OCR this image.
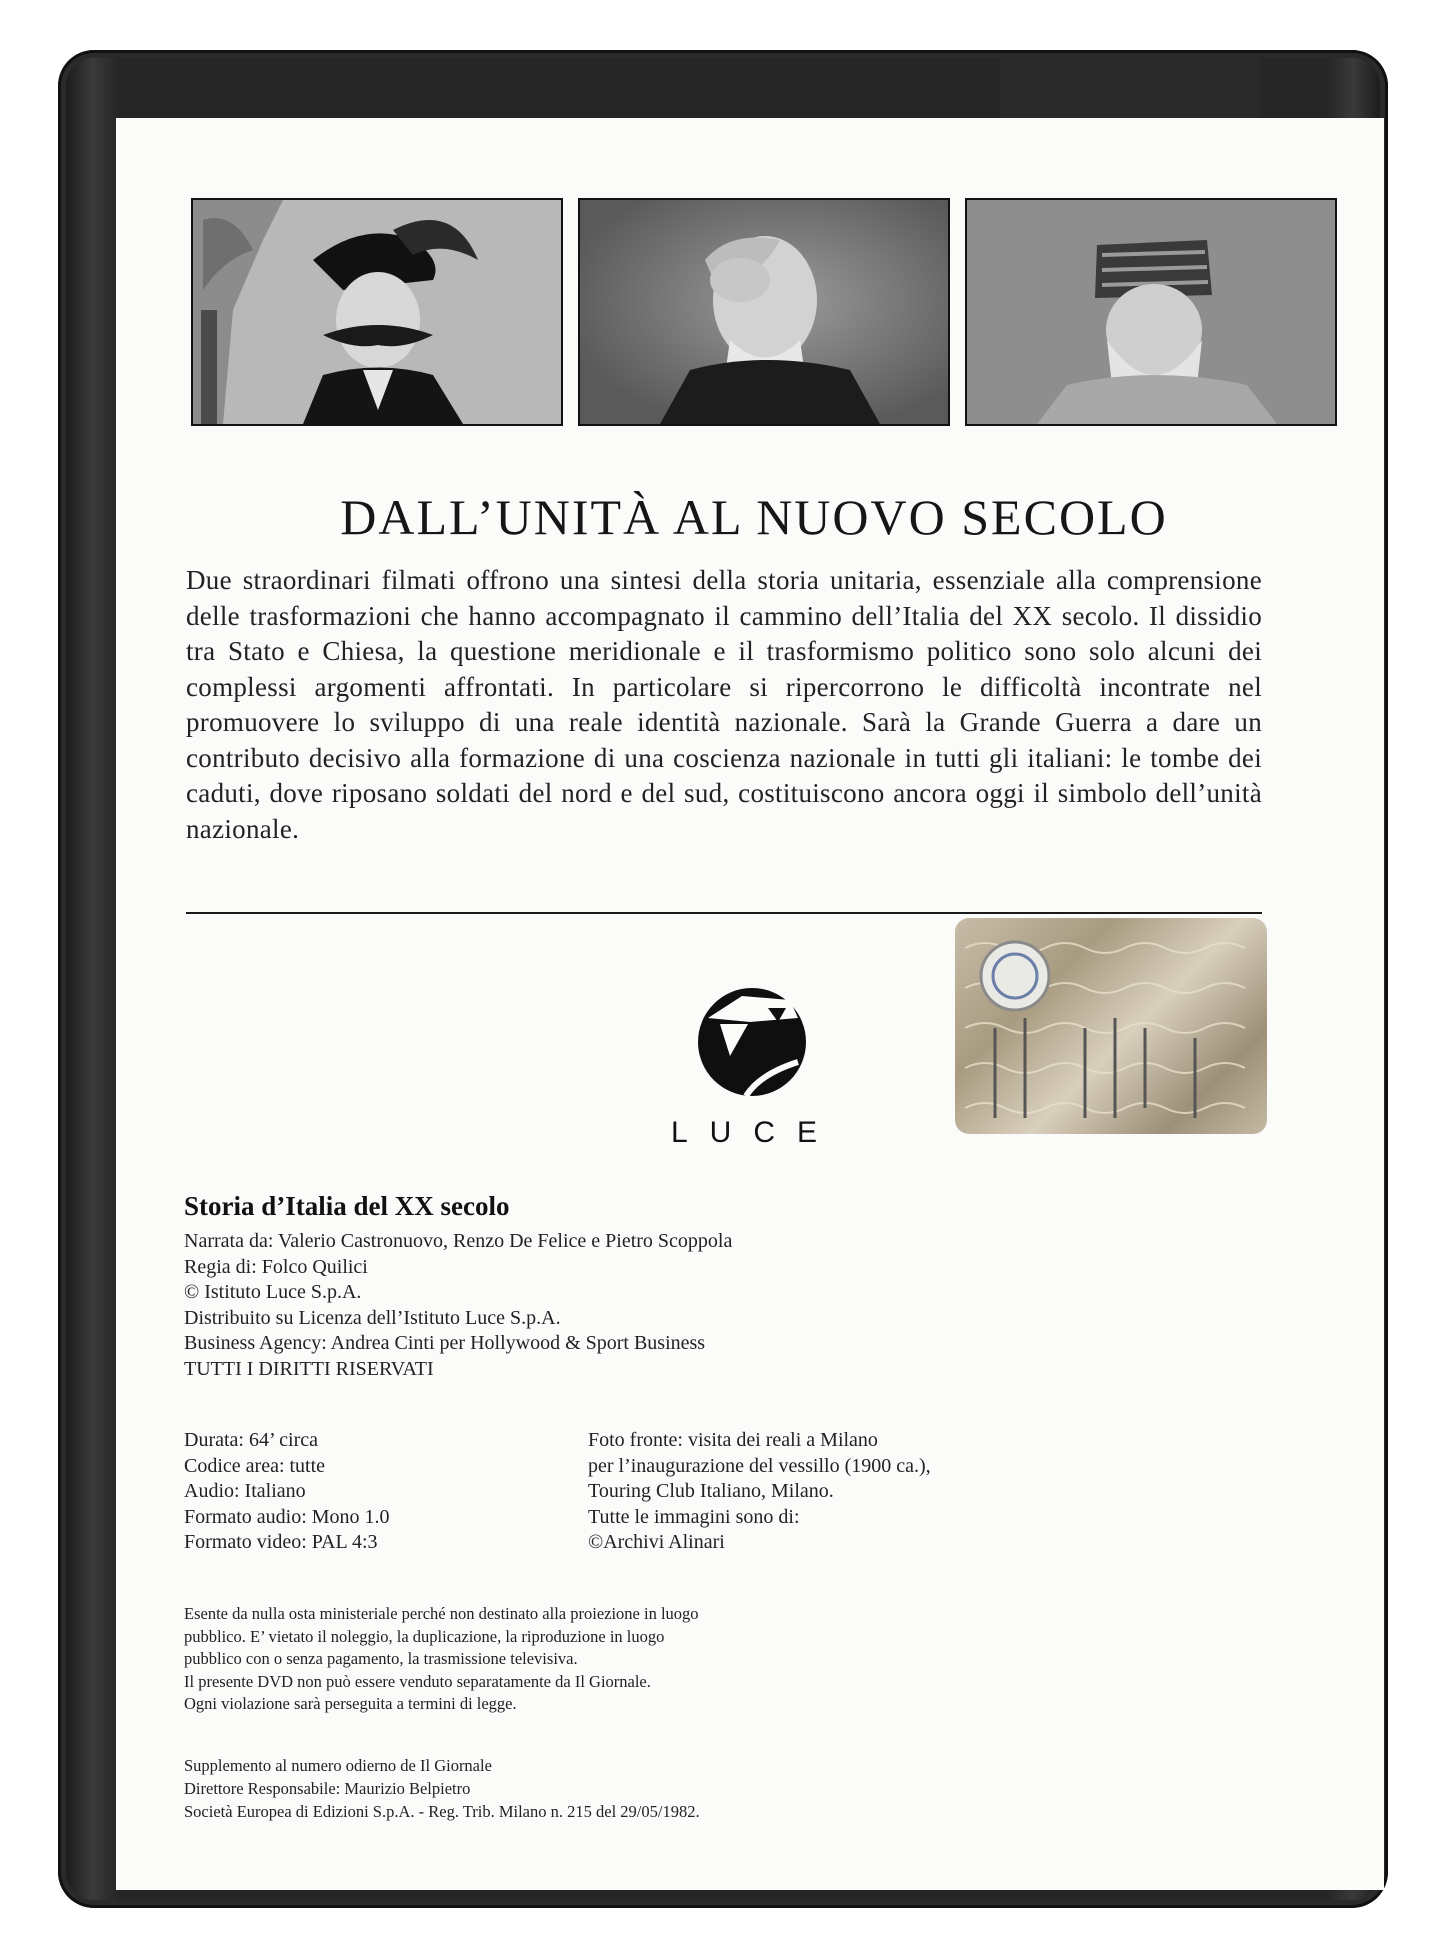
DALL’UNITÀ AL NUOVO SECOLO
Due straordinari filmati offrono una sintesi della storia unitaria, essenziale alla comprensione delle trasformazioni che hanno accompagnato il cammino dell’Italia del XX secolo. Il dissidio tra Stato e Chiesa, la questione meridionale e il trasformismo politico sono solo alcuni dei complessi argomenti affrontati. In particolare si ripercorrono le difficoltà incontrate nel promuovere lo sviluppo di una reale identità nazionale. Sarà la Grande Guerra a dare un contributo decisivo alla formazione di una coscienza nazionale in tutti gli italiani: le tombe dei caduti, dove riposano soldati del nord e del sud, costituiscono ancora oggi il simbolo dell’unità nazionale.
LUCE
Storia d’Italia del XX secolo
Narrata da: Valerio Castronuovo, Renzo De Felice e Pietro Scoppola
Regia di: Folco Quilici
© Istituto Luce S.p.A.
Distribuito su Licenza dell’Istituto Luce S.p.A.
Business Agency: Andrea Cinti per Hollywood & Sport Business
TUTTI I DIRITTI RISERVATI
Durata: 64’ circa
Codice area: tutte
Audio: Italiano
Formato audio: Mono 1.0
Formato video: PAL 4:3
Foto fronte: visita dei reali a Milano
per l’inaugurazione del vessillo (1900 ca.),
Touring Club Italiano, Milano.
Tutte le immagini sono di:
©Archivi Alinari
Esente da nulla osta ministeriale perché non destinato alla proiezione in luogo
pubblico. E’ vietato il noleggio, la duplicazione, la riproduzione in luogo
pubblico con o senza pagamento, la trasmissione televisiva.
Il presente DVD non può essere venduto separatamente da Il Giornale.
Ogni violazione sarà perseguita a termini di legge.
Supplemento al numero odierno de Il Giornale
Direttore Responsabile: Maurizio Belpietro
Società Europea di Edizioni S.p.A. - Reg. Trib. Milano n. 215 del 29/05/1982.
